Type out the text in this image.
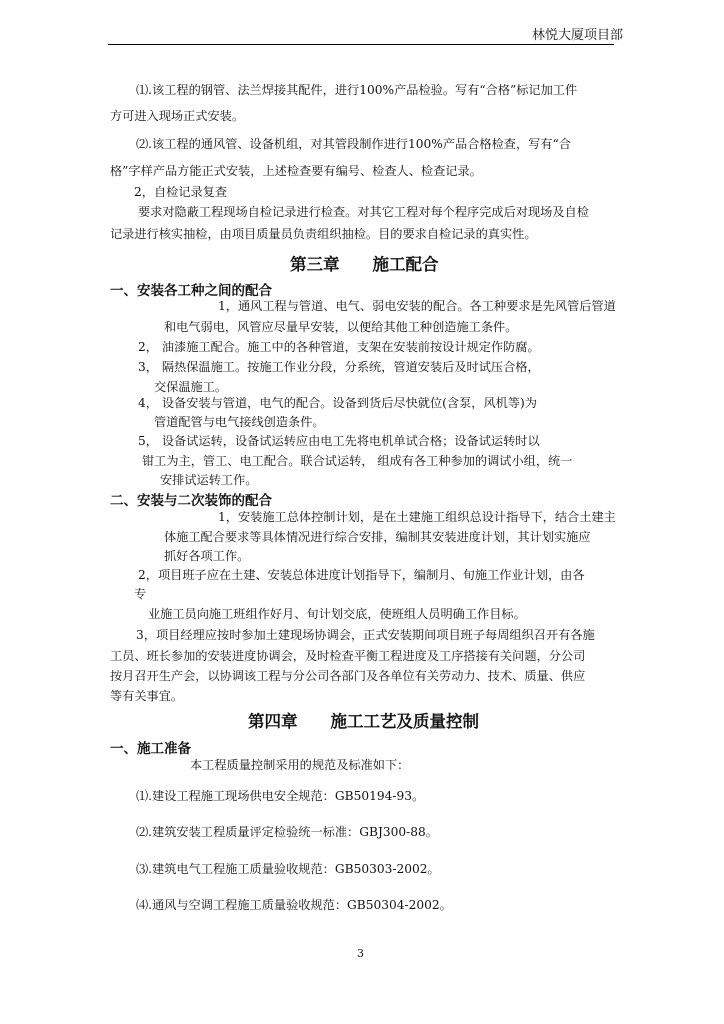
林悦大厦项目部
⑴.该工程的钢管、法兰焊接其配件，进行100%产品检验。写有“合格”标记加工件
方可进入现场正式安装。
⑵.该工程的通风管、设备机组，对其管段制作进行100%产品合格检查，写有“合
格”字样产品方能正式安装，上述检查要有编号、检查人、检查记录。
2，自检记录复查
要求对隐蔽工程现场自检记录进行检查。对其它工程对每个程序完成后对现场及自检
记录进行核实抽检，由项目质量员负责组织抽检。目的要求自检记录的真实性。
第三章　　施工配合
一、安装各工种之间的配合
1，通风工程与管道、电气、弱电安装的配合。各工种要求是先风管后管道
和电气弱电，风管应尽量早安装，以便给其他工种创造施工条件。
2， 油漆施工配合。施工中的各种管道，支架在安装前按设计规定作防腐。
3， 隔热保温施工。按施工作业分段，分系统，管道安装后及时试压合格，
交保温施工。
4， 设备安装与管道，电气的配合。设备到货后尽快就位(含泵，风机等)为
管道配管与电气接线创造条件。
5， 设备试运转，设备试运转应由电工先将电机单试合格；设备试运转时以
钳工为主，管工、电工配合。联合试运转， 组成有各工种参加的调试小组，统一
安排试运转工作。
二、安装与二次装饰的配合
1，安装施工总体控制计划，是在土建施工组织总设计指导下，结合土建主
体施工配合要求等具体情况进行综合安排，编制其安装进度计划，其计划实施应
抓好各项工作。
2，项目班子应在土建、安装总体进度计划指导下，编制月、旬施工作业计划，由各
专
业施工员向施工班组作好月、旬计划交底，使班组人员明确工作目标。
3，项目经理应按时参加土建现场协调会，正式安装期间项目班子每周组织召开有各施
工员、班长参加的安装进度协调会，及时检查平衡工程进度及工序搭接有关问题，分公司
按月召开生产会，以协调该工程与分公司各部门及各单位有关劳动力、技术、质量、供应
等有关事宜。
第四章　　施工工艺及质量控制
一、施工准备
本工程质量控制采用的规范及标准如下：
⑴.建设工程施工现场供电安全规范：GB50194-93。
⑵.建筑安装工程质量评定检验统一标准：GBJ300-88。
⑶.建筑电气工程施工质量验收规范：GB50303-2002。
⑷.通风与空调工程施工质量验收规范：GB50304-2002。
3
